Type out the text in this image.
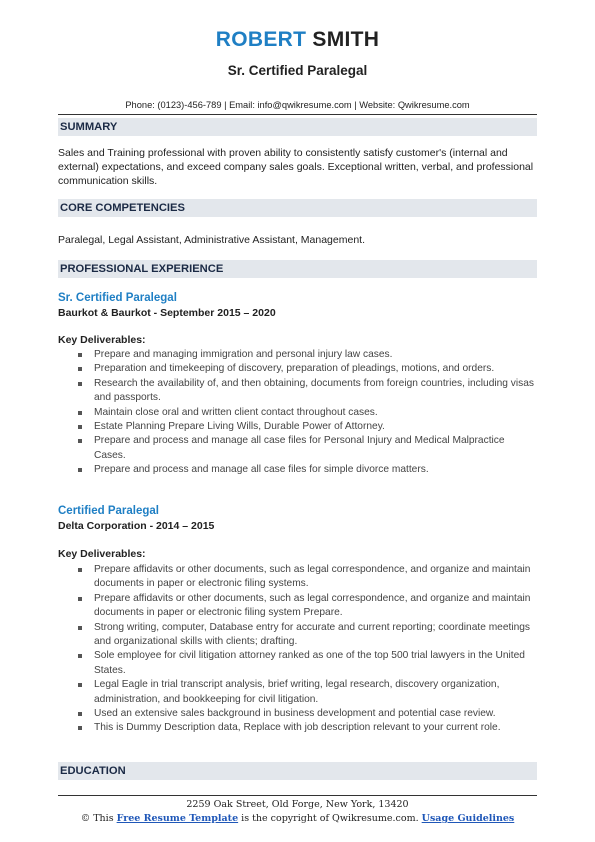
ROBERT SMITH
Sr. Certified Paralegal
Phone: (0123)-456-789 | Email: info@qwikresume.com | Website: Qwikresume.com
SUMMARY
Sales and Training professional with proven ability to consistently satisfy customer's (internal and external) expectations, and exceed company sales goals. Exceptional written, verbal, and professional communication skills.
CORE COMPETENCIES
Paralegal, Legal Assistant, Administrative Assistant, Management.
PROFESSIONAL EXPERIENCE
Sr. Certified Paralegal
Baurkot & Baurkot - September 2015 – 2020
Key Deliverables:
Prepare and managing immigration and personal injury law cases.
Preparation and timekeeping of discovery, preparation of pleadings, motions, and orders.
Research the availability of, and then obtaining, documents from foreign countries, including visas and passports.
Maintain close oral and written client contact throughout cases.
Estate Planning Prepare Living Wills, Durable Power of Attorney.
Prepare and process and manage all case files for Personal Injury and Medical Malpractice Cases.
Prepare and process and manage all case files for simple divorce matters.
Certified Paralegal
Delta Corporation - 2014 – 2015
Key Deliverables:
Prepare affidavits or other documents, such as legal correspondence, and organize and maintain documents in paper or electronic filing systems.
Prepare affidavits or other documents, such as legal correspondence, and organize and maintain documents in paper or electronic filing system Prepare.
Strong writing, computer, Database entry for accurate and current reporting; coordinate meetings and organizational skills with clients; drafting.
Sole employee for civil litigation attorney ranked as one of the top 500 trial lawyers in the United States.
Legal Eagle in trial transcript analysis, brief writing, legal research, discovery organization, administration, and bookkeeping for civil litigation.
Used an extensive sales background in business development and potential case review.
This is Dummy Description data, Replace with job description relevant to your current role.
EDUCATION
2259 Oak Street, Old Forge, New York, 13420
© This Free Resume Template is the copyright of Qwikresume.com. Usage Guidelines
